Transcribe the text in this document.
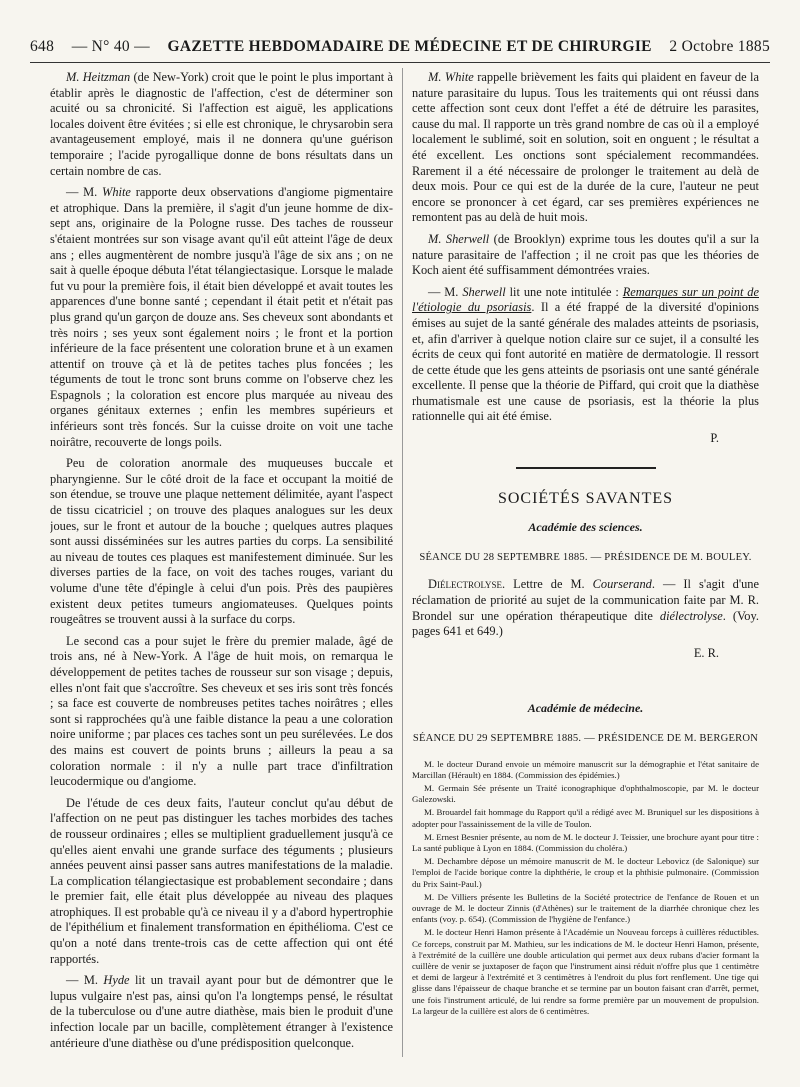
648 — N° 40 — GAZETTE HEBDOMADAIRE DE MÉDECINE ET DE CHIRURGIE 2 Octobre 1885

M. Heitzman (de New-York) croit que le point le plus important à établir après le diagnostic de l'affection, c'est de déterminer son acuité ou sa chronicité. Si l'affection est aiguë, les applications locales doivent être évitées ; si elle est chronique, le chrysarobin sera avantageusement employé, mais il ne donnera qu'une guérison temporaire ; l'acide pyrogallique donne de bons résultats dans un certain nombre de cas.

— M. White rapporte deux observations d'angiome pigmentaire et atrophique. Dans la première, il s'agit d'un jeune homme de dix-sept ans, originaire de la Pologne russe. Des taches de rousseur s'étaient montrées sur son visage avant qu'il eût atteint l'âge de deux ans ; elles augmentèrent de nombre jusqu'à l'âge de six ans ; on ne sait à quelle époque débuta l'état télangiectasique. Lorsque le malade fut vu pour la première fois, il était bien développé et avait toutes les apparences d'une bonne santé ; cependant il était petit et n'était pas plus grand qu'un garçon de douze ans. Ses cheveux sont abondants et très noirs ; ses yeux sont également noirs ; le front et la portion inférieure de la face présentent une coloration brune et à un examen attentif on trouve çà et là de petites taches plus foncées ; les téguments de tout le tronc sont bruns comme on l'observe chez les Espagnols ; la coloration est encore plus marquée au niveau des organes génitaux externes ; enfin les membres supérieurs et inférieurs sont très foncés. Sur la cuisse droite on voit une tache noirâtre, recouverte de longs poils.

Peu de coloration anormale des muqueuses buccale et pharyngienne. Sur le côté droit de la face et occupant la moitié de son étendue, se trouve une plaque nettement délimitée, ayant l'aspect de tissu cicatriciel ; on trouve des plaques analogues sur les deux joues, sur le front et autour de la bouche ; quelques autres plaques sont aussi disséminées sur les autres parties du corps. La sensibilité au niveau de toutes ces plaques est manifestement diminuée. Sur les diverses parties de la face, on voit des taches rouges, variant du volume d'une tête d'épingle à celui d'un pois. Près des paupières existent deux petites tumeurs angiomateuses. Quelques points rougeâtres se trouvent aussi à la surface du corps.

Le second cas a pour sujet le frère du premier malade, âgé de trois ans, né à New-York. A l'âge de huit mois, on remarqua le développement de petites taches de rousseur sur son visage ; depuis, elles n'ont fait que s'accroître. Ses cheveux et ses iris sont très foncés ; sa face est couverte de nombreuses petites taches noirâtres ; elles sont si rapprochées qu'à une faible distance la peau a une coloration noire uniforme ; par places ces taches sont un peu surélevées. Le dos des mains est couvert de points bruns ; ailleurs la peau a sa coloration normale : il n'y a nulle part trace d'infiltration leucodermique ou d'angiome.

De l'étude de ces deux faits, l'auteur conclut qu'au début de l'affection on ne peut pas distinguer les taches morbides des taches de rousseur ordinaires ; elles se multiplient graduellement jusqu'à ce qu'elles aient envahi une grande surface des téguments ; plusieurs années peuvent ainsi passer sans autres manifestations de la maladie. La complication télangiectasique est probablement secondaire ; dans le premier fait, elle était plus développée au niveau des plaques atrophiques. Il est probable qu'à ce niveau il y a d'abord hypertrophie de l'épithélium et finalement transformation en épithélioma. C'est ce qu'on a noté dans trente-trois cas de cette affection qui ont été rapportés.

— M. Hyde lit un travail ayant pour but de démontrer que le lupus vulgaire n'est pas, ainsi qu'on l'a longtemps pensé, le résultat de la tuberculose ou d'une autre diathèse, mais bien le produit d'une infection locale par un bacille, complètement étranger à l'existence antérieure d'une diathèse ou d'une prédisposition quelconque.

M. White rappelle brièvement les faits qui plaident en faveur de la nature parasitaire du lupus. Tous les traitements qui ont réussi dans cette affection sont ceux dont l'effet a été de détruire les parasites, cause du mal. Il rapporte un très grand nombre de cas où il a employé localement le sublimé, soit en solution, soit en onguent ; le résultat a été excellent. Les onctions sont spécialement recommandées. Rarement il a été nécessaire de prolonger le traitement au delà de deux mois. Pour ce qui est de la durée de la cure, l'auteur ne peut encore se prononcer à cet égard, car ses premières expériences ne remontent pas au delà de huit mois.

M. Sherwell (de Brooklyn) exprime tous les doutes qu'il a sur la nature parasitaire de l'affection ; il ne croit pas que les théories de Koch aient été suffisamment démontrées vraies.

— M. Sherwell lit une note intitulée : Remarques sur un point de l'étiologie du psoriasis. Il a été frappé de la diversité d'opinions émises au sujet de la santé générale des malades atteints de psoriasis, et, afin d'arriver à quelque notion claire sur ce sujet, il a consulté les écrits de ceux qui font autorité en matière de dermatologie. Il ressort de cette étude que les gens atteints de psoriasis ont une santé générale excellente. Il pense que la théorie de Piffard, qui croit que la diathèse rhumatismale est une cause de psoriasis, est la théorie la plus rationnelle qui ait été émise.

P.

SOCIÉTÉS SAVANTES
Académie des sciences.

SÉANCE DU 28 SEPTEMBRE 1885. — PRÉSIDENCE DE M. BOULEY.

Diélectrolyse. Lettre de M. Courserand. — Il s'agit d'une réclamation de priorité au sujet de la communication faite par M. R. Brondel sur une opération thérapeutique dite diélectrolyse. (Voy. pages 641 et 649.)

E. R.

Académie de médecine.

SÉANCE DU 29 SEPTEMBRE 1885. — PRÉSIDENCE DE M. BERGERON

M. le docteur Durand envoie un mémoire manuscrit sur la démographie et l'état sanitaire de Marcillan (Hérault) en 1884. (Commission des épidémies.)

M. Germain Sée présente un Traité iconographique d'ophthalmoscopie, par M. le docteur Galezowski.

M. Brouardel fait hommage du Rapport qu'il a rédigé avec M. Bruniquel sur les dispositions à adopter pour l'assainissement de la ville de Toulon.

M. Ernest Besnier présente, au nom de M. le docteur J. Teissier, une brochure ayant pour titre : La santé publique à Lyon en 1884. (Commission du choléra.)

M. Dechambre dépose un mémoire manuscrit de M. le docteur Lebovicz (de Salonique) sur l'emploi de l'acide borique contre la diphthérie, le croup et la phthisie pulmonaire. (Commission du Prix Saint-Paul.)

M. De Villiers présente les Bulletins de la Société protectrice de l'enfance de Rouen et un ouvrage de M. le docteur Zinnis (d'Athènes) sur le traitement de la diarrhée chronique chez les enfants (voy. p. 654). (Commission de l'hygiène de l'enfance.)

M. le docteur Henri Hamon présente à l'Académie un Nouveau forceps à cuillères réductibles. Ce forceps, construit par M. Mathieu, sur les indications de M. le docteur Henri Hamon, présente, à l'extrémité de la cuillère une double articulation qui permet aux deux rubans d'acier formant la cuillère de venir se juxtaposer de façon que l'instrument ainsi réduit n'offre plus que 1 centimètre et demi de largeur à l'extrémité et 3 centimètres à l'endroit du plus fort renflement. Une tige qui glisse dans l'épaisseur de chaque branche et se termine par un bouton faisant cran d'arrêt, permet, une fois l'instrument articulé, de lui rendre sa forme première par un mouvement de propulsion. La largeur de la cuillère est alors de 6 centimètres.
